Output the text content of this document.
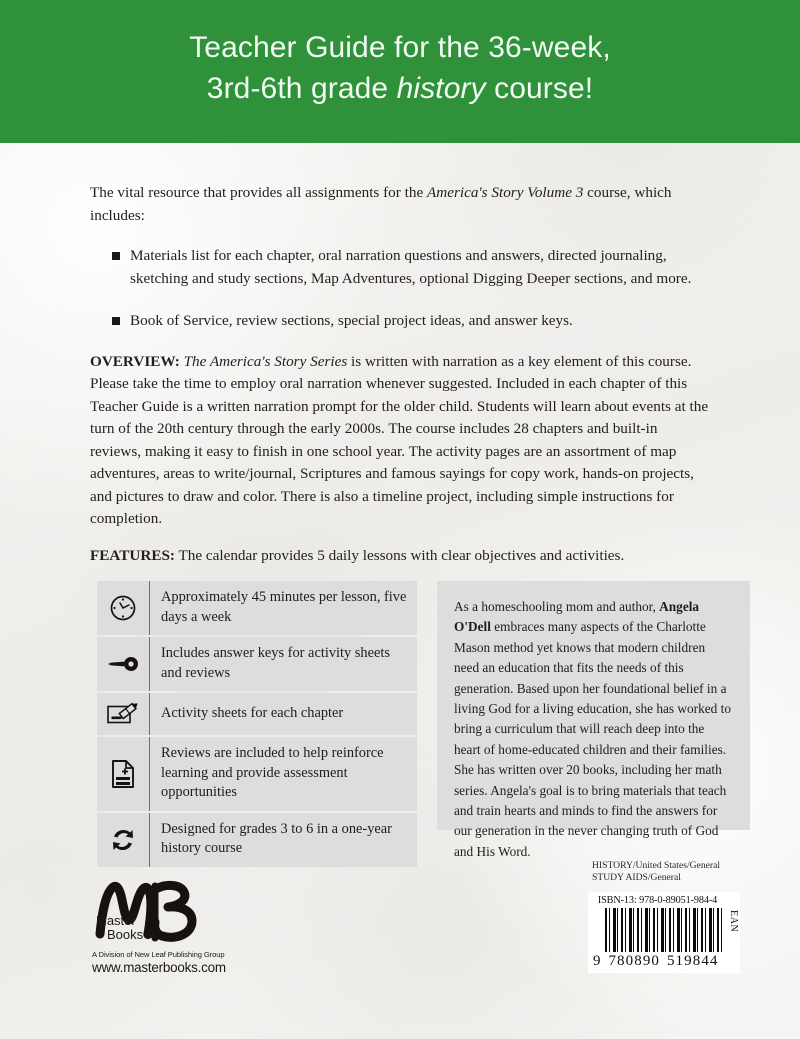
Teacher Guide for the 36-week,
3rd-6th grade history course!

The vital resource that provides all assignments for the America's Story Volume 3 course, which includes:

Materials list for each chapter, oral narration questions and answers, directed journaling, sketching and study sections, Map Adventures, optional Digging Deeper sections, and more.
Book of Service, review sections, special project ideas, and answer keys.

OVERVIEW: The America's Story Series is written with narration as a key element of this course. Please take the time to employ oral narration whenever suggested. Included in each chapter of this Teacher Guide is a written narration prompt for the older child. Students will learn about events at the turn of the 20th century through the early 2000s. The course includes 28 chapters and built-in reviews, making it easy to finish in one school year. The activity pages are an assortment of map adventures, areas to write/journal, Scriptures and famous sayings for copy work, hands-on projects, and pictures to draw and color. There is also a timeline project, including simple instructions for completion.

FEATURES: The calendar provides 5 daily lessons with clear objectives and activities.

Approximately 45 minutes per lesson, five days a week
Includes answer keys for activity sheets and reviews
Activity sheets for each chapter
Reviews are included to help reinforce learning and provide assessment opportunities
Designed for grades 3 to 6 in a one-year history course

As a homeschooling mom and author, Angela O'Dell embraces many aspects of the Charlotte Mason method yet knows that modern children need an education that fits the needs of this generation. Based upon her foundational belief in a living God for a living education, she has worked to bring a curriculum that will reach deep into the heart of home-educated children and their families. She has written over 20 books, including her math series. Angela's goal is to bring materials that teach and train hearts and minds to find the answers for our generation in the never changing truth of God and His Word.

Master
Books®
A Division of New Leaf Publishing Group
www.masterbooks.com
HISTORY/United States/General
STUDY AIDS/General
ISBN-13: 978-0-89051-984-4
9 780890 519844
EAN
